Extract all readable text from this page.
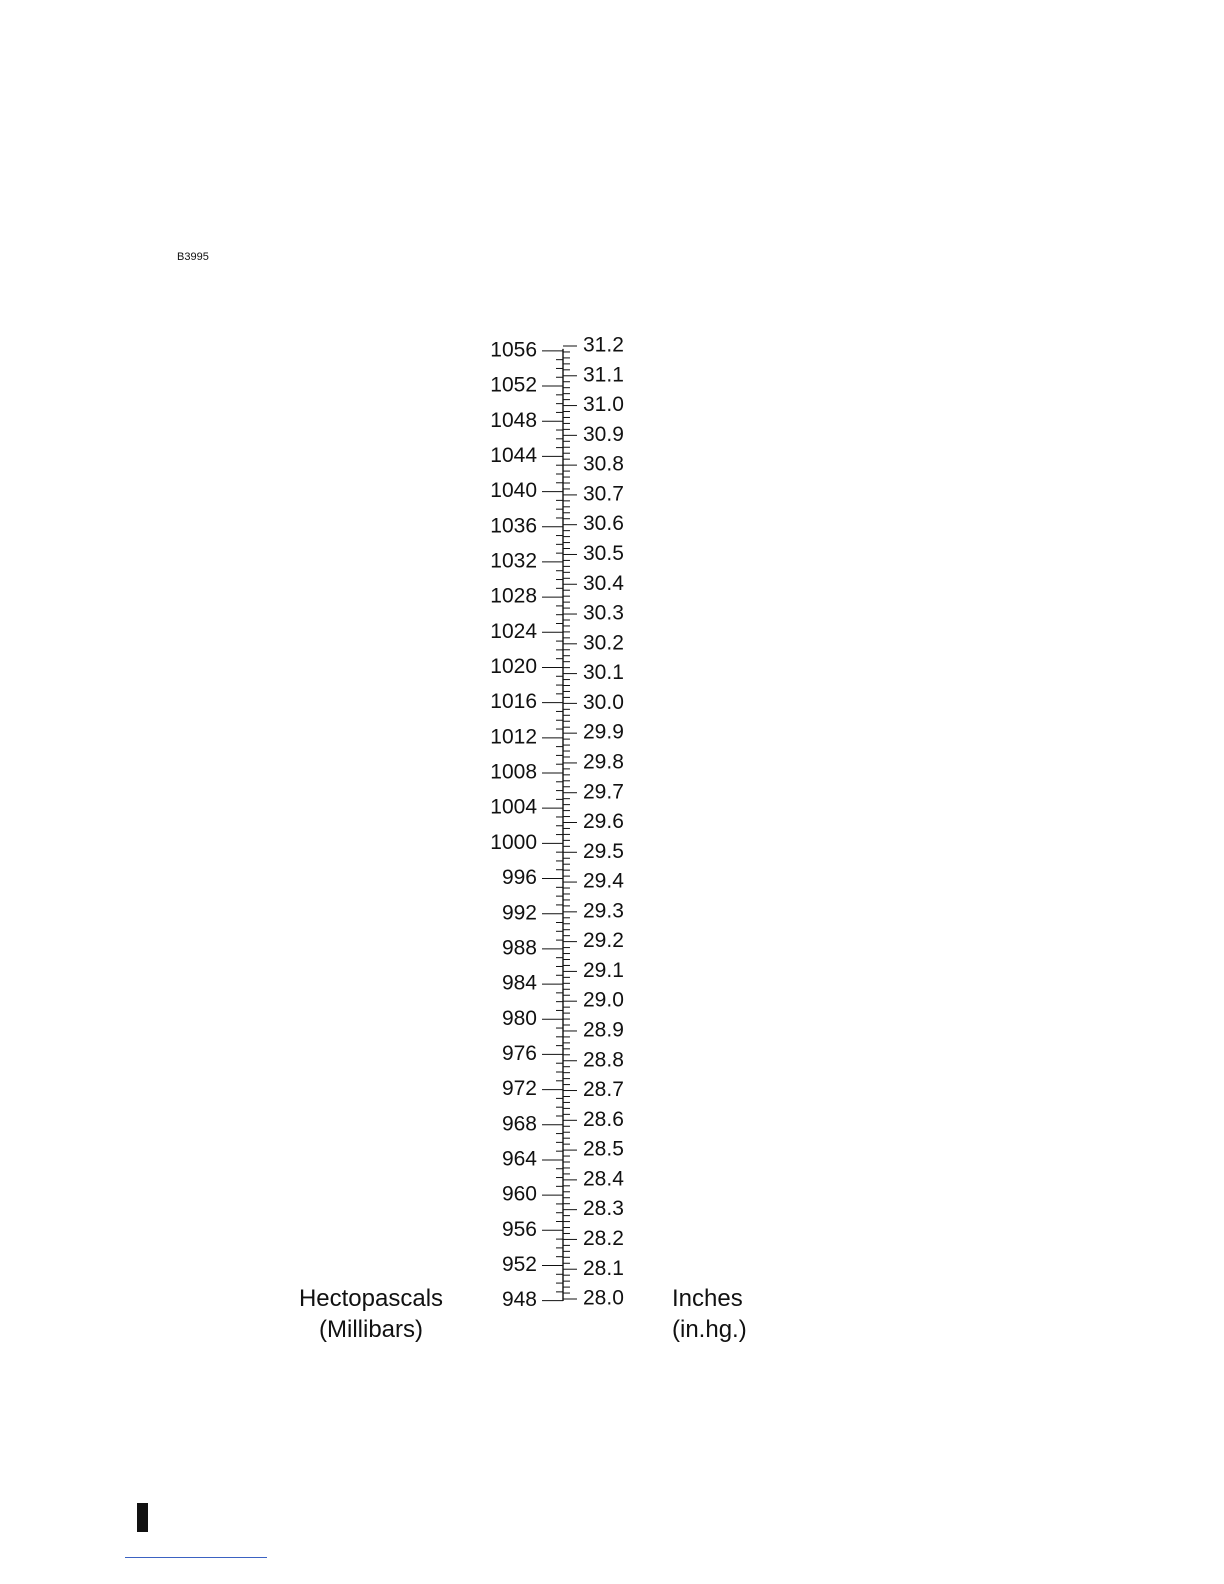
B3995
1056
1052
1048
1044
1040
1036
1032
1028
1024
1020
1016
1012
1008
1004
1000
996
992
988
984
980
976
972
968
964
960
956
952
948
31.2
31.1
31.0
30.9
30.8
30.7
30.6
30.5
30.4
30.3
30.2
30.1
30.0
29.9
29.8
29.7
29.6
29.5
29.4
29.3
29.2
29.1
29.0
28.9
28.8
28.7
28.6
28.5
28.4
28.3
28.2
28.1
28.0
Hectopascals
(Millibars)
Inches
(in.hg.)
